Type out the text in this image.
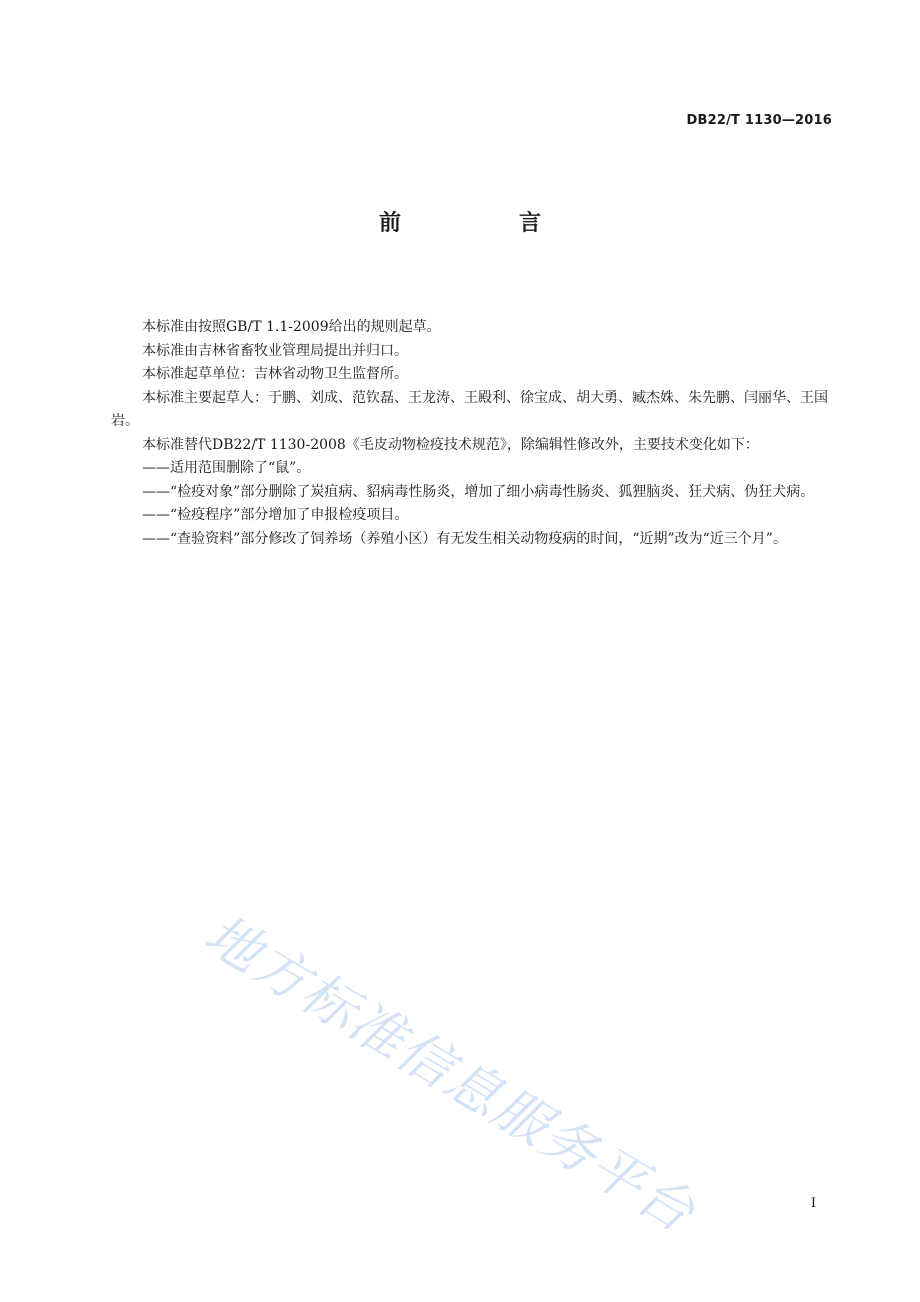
DB22/T 1130—2016
前　言

本标准由按照GB/T 1.1-2009给出的规则起草。

本标准由吉林省畜牧业管理局提出并归口。

本标准起草单位：吉林省动物卫生监督所。

本标准主要起草人：于鹏、刘成、范钦磊、王龙涛、王殿利、徐宝成、胡大勇、臧杰姝、朱先鹏、闫丽华、王国岩。

本标准替代DB22/T 1130-2008《毛皮动物检疫技术规范》，除编辑性修改外，主要技术变化如下：

——适用范围删除了“鼠”。

——“检疫对象”部分删除了炭疽病、貂病毒性肠炎，增加了细小病毒性肠炎、狐狸脑炎、狂犬病、伪狂犬病。

——“检疫程序”部分增加了申报检疫项目。

——“查验资料”部分修改了饲养场（养殖小区）有无发生相关动物疫病的时间，“近期”改为“近三个月”。

地方标准信息服务平台	I
